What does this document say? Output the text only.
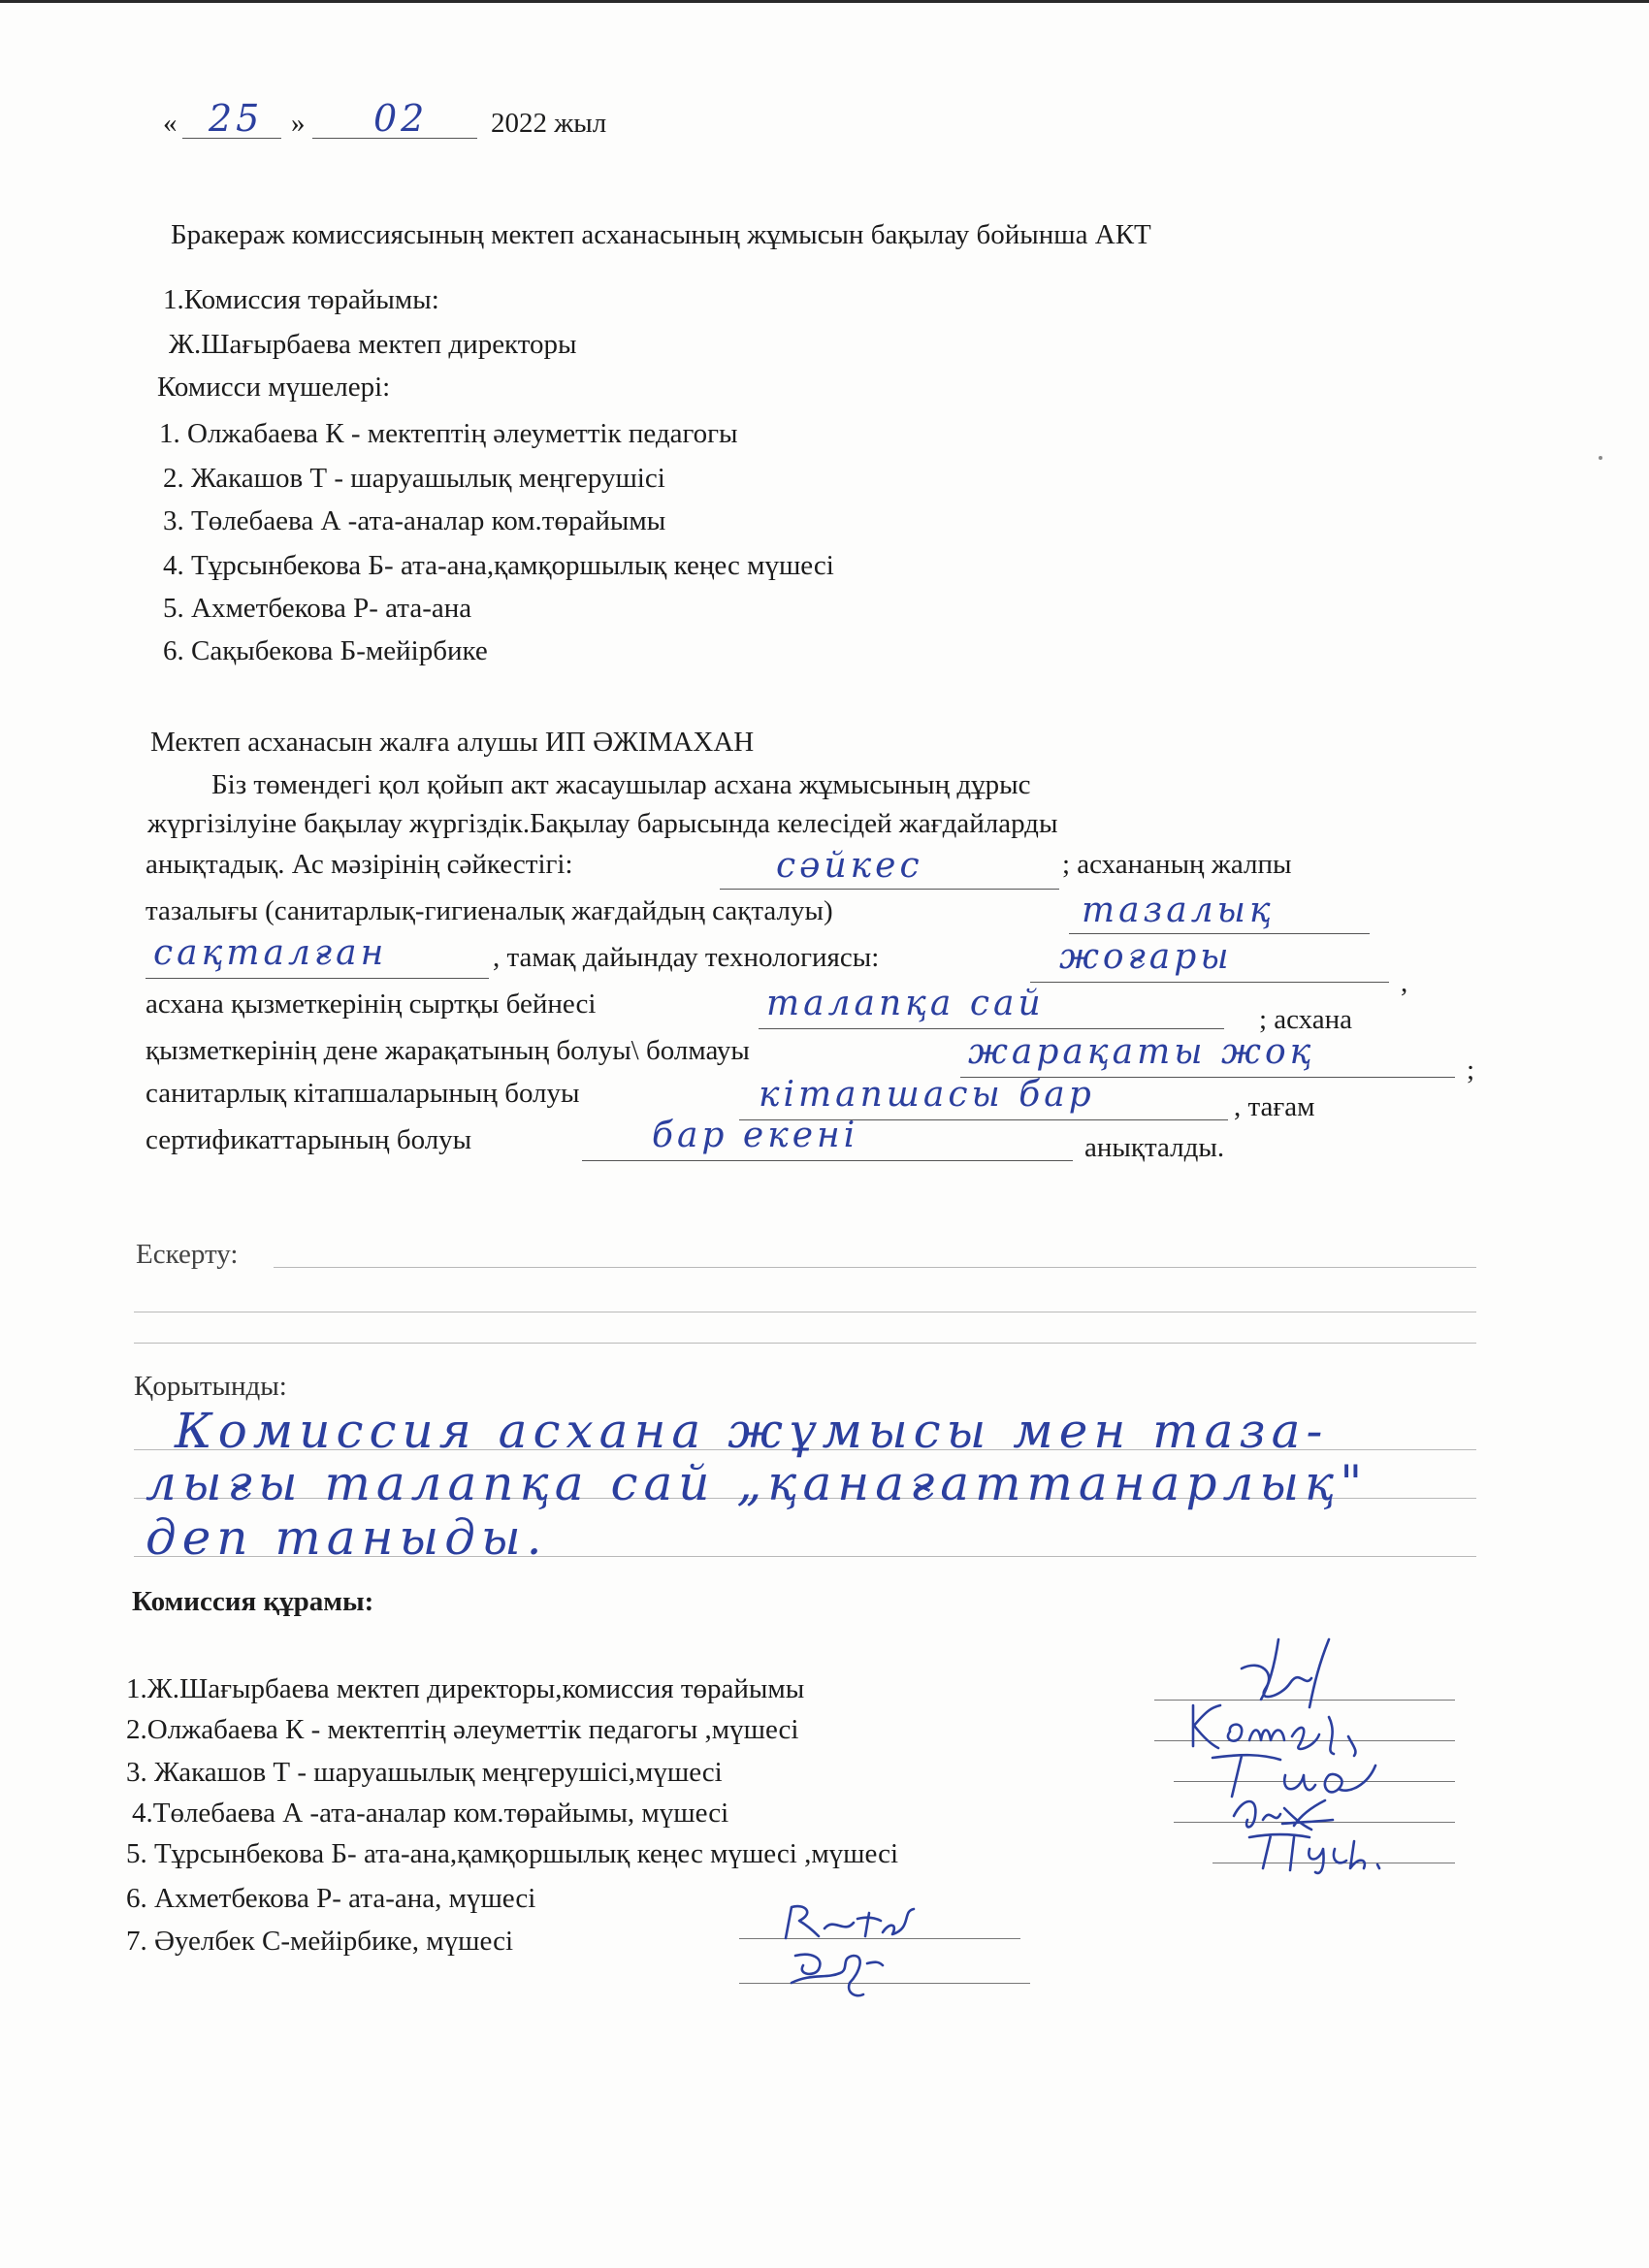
« 25 » 02 2022 жыл
Бракераж комиссиясының мектеп асханасының жұмысын бақылау бойынша АКТ
1.Комиссия төрайымы:
Ж.Шағырбаева мектеп директоры
Комисси мүшелері:
1. Олжабаева К - мектептің әлеуметтік педагогы
2. Жакашов Т - шаруашылық меңгерушісі
3. Төлебаева А -ата-аналар ком.төрайымы
4. Тұрсынбекова Б- ата-ана,қамқоршылық кеңес мүшесі
5. Ахметбекова Р- ата-ана
6. Сақыбекова Б-мейірбике
Мектеп асханасын жалға алушы ИП ӘЖІМАХАН
Біз төмендегі қол қойып акт жасаушылар асхана жұмысының дұрыс
жүргізілуіне бақылау жүргіздік.Бақылау барысында келесідей жағдайларды
анықтадық. Ас мәзірінің сәйкестігі:	сәйкес	; асхананың жалпы
тазалығы (санитарлық-гигиеналық жағдайдың сақталуы)	тазалық
сақталған	, тамақ дайындау технологиясы:	жоғары
,
асхана қызметкерінің сыртқы бейнесі	талапқа сай	; асхана
қызметкерінің дене жарақатының болуы\ болмауы	жарақаты жоқ	;
санитарлық кітапшаларының болуы	кітапшасы бар	, тағам
сертификаттарының болуы	бар екені	анықталды.
Ескерту:
Қорытынды:
Комиссия асхана жұмысы мен таза-
лығы талапқа сай „қанағаттанарлық"
деп таныды.
Комиссия құрамы:
1.Ж.Шағырбаева мектеп директоры,комиссия төрайымы
2.Олжабаева К - мектептің әлеуметтік педагогы ,мүшесі
3. Жакашов Т - шаруашылық меңгерушісі,мүшесі
4.Төлебаева А -ата-аналар ком.төрайымы, мүшесі
5. Тұрсынбекова Б- ата-ана,қамқоршылық кеңес мүшесі ,мүшесі
6. Ахметбекова Р- ата-ана, мүшесі
7. Әуелбек С-мейірбике, мүшесі
